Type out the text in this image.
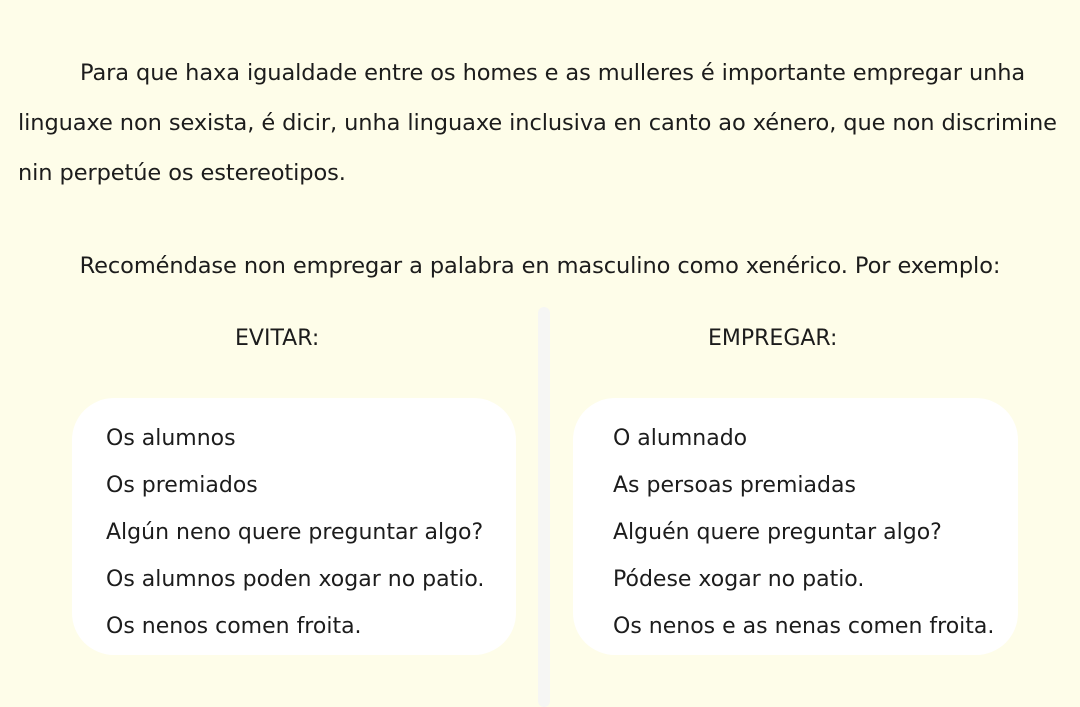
Para que haxa igualdade entre os homes e as mulleres é importante empregar unha linguaxe non sexista, é dicir, unha linguaxe inclusiva en canto ao xénero, que non discrimine nin perpetúe os estereotipos.

Recoméndase non empregar a palabra en masculino como xenérico. Por exemplo:

EVITAR:	EMPREGAR:

Os alumnos
Os premiados
Algún neno quere preguntar algo?
Os alumnos poden xogar no patio.
Os nenos comen froita.
O alumnado
As persoas premiadas
Alguén quere preguntar algo?
Pódese xogar no patio.
Os nenos e as nenas comen froita.
